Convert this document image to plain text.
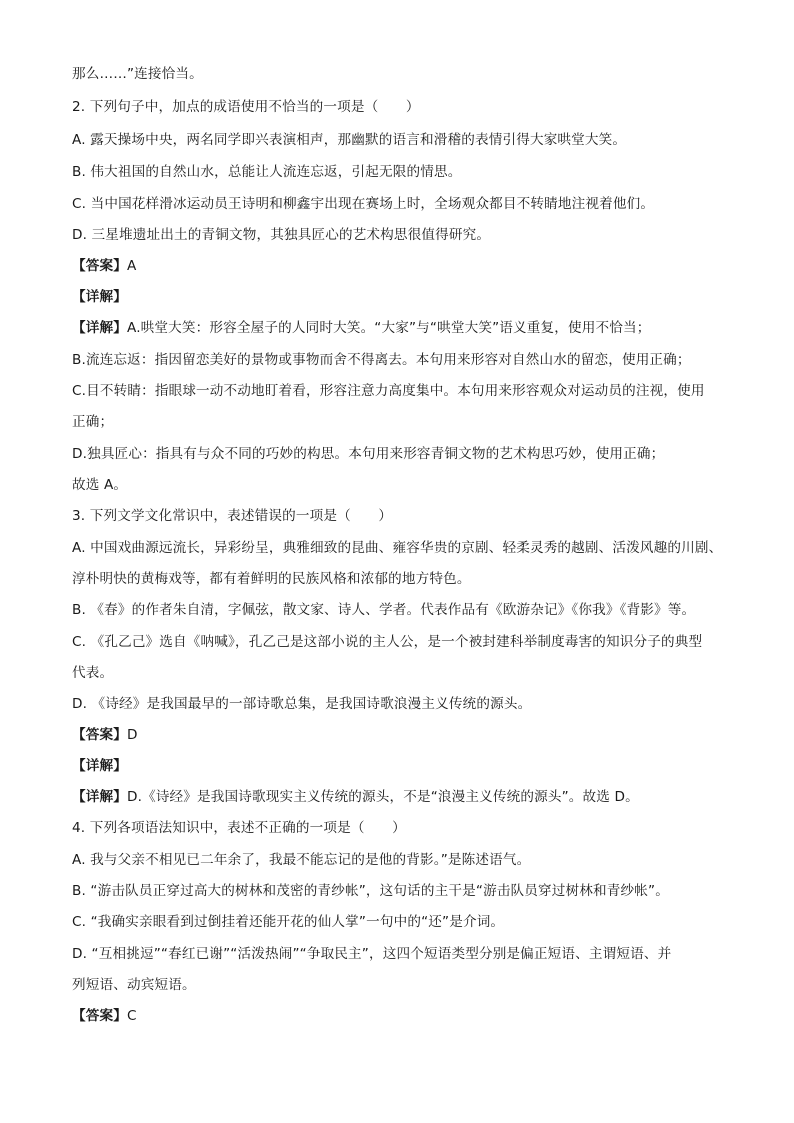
那么……”连接恰当。
2. 下列句子中，加点的成语使用不恰当的一项是（　　）
A. 露天操场中央，两名同学即兴表演相声，那幽默的语言和滑稽的表情引得大家哄堂大笑。
B. 伟大祖国的自然山水，总能让人流连忘返，引起无限的情思。
C. 当中国花样滑冰运动员王诗明和柳鑫宇出现在赛场上时，全场观众都目不转睛地注视着他们。
D. 三星堆遗址出土的青铜文物，其独具匠心的艺术构思很值得研究。
【答案】A
【详解】
【详解】A.哄堂大笑：形容全屋子的人同时大笑。“大家”与“哄堂大笑”语义重复，使用不恰当；
B.流连忘返：指因留恋美好的景物或事物而舍不得离去。本句用来形容对自然山水的留恋，使用正确；
C.目不转睛：指眼球一动不动地盯着看，形容注意力高度集中。本句用来形容观众对运动员的注视，使用
正确；
D.独具匠心：指具有与众不同的巧妙的构思。本句用来形容青铜文物的艺术构思巧妙，使用正确；
故选 A。
3. 下列文学文化常识中，表述错误的一项是（　　）
A. 中国戏曲源远流长，异彩纷呈，典雅细致的昆曲、雍容华贵的京剧、轻柔灵秀的越剧、活泼风趣的川剧、
淳朴明快的黄梅戏等，都有着鲜明的民族风格和浓郁的地方特色。
B. 《春》的作者朱自清，字佩弦，散文家、诗人、学者。代表作品有《欧游杂记》《你我》《背影》等。
C. 《孔乙己》选自《呐喊》，孔乙己是这部小说的主人公，是一个被封建科举制度毒害的知识分子的典型
代表。
D. 《诗经》是我国最早的一部诗歌总集，是我国诗歌浪漫主义传统的源头。
【答案】D
【详解】
【详解】D.《诗经》是我国诗歌现实主义传统的源头，不是“浪漫主义传统的源头”。故选 D。
4. 下列各项语法知识中，表述不正确的一项是（　　）
A. 我与父亲不相见已二年余了，我最不能忘记的是他的背影。”是陈述语气。
B. “游击队员正穿过高大的树林和茂密的青纱帐”，这句话的主干是“游击队员穿过树林和青纱帐”。
C. “我确实亲眼看到过倒挂着还能开花的仙人掌”一句中的“还”是介词。
D. “互相挑逗”“春红已谢”“活泼热闹”“争取民主”，这四个短语类型分别是偏正短语、主谓短语、并
列短语、动宾短语。
【答案】C
